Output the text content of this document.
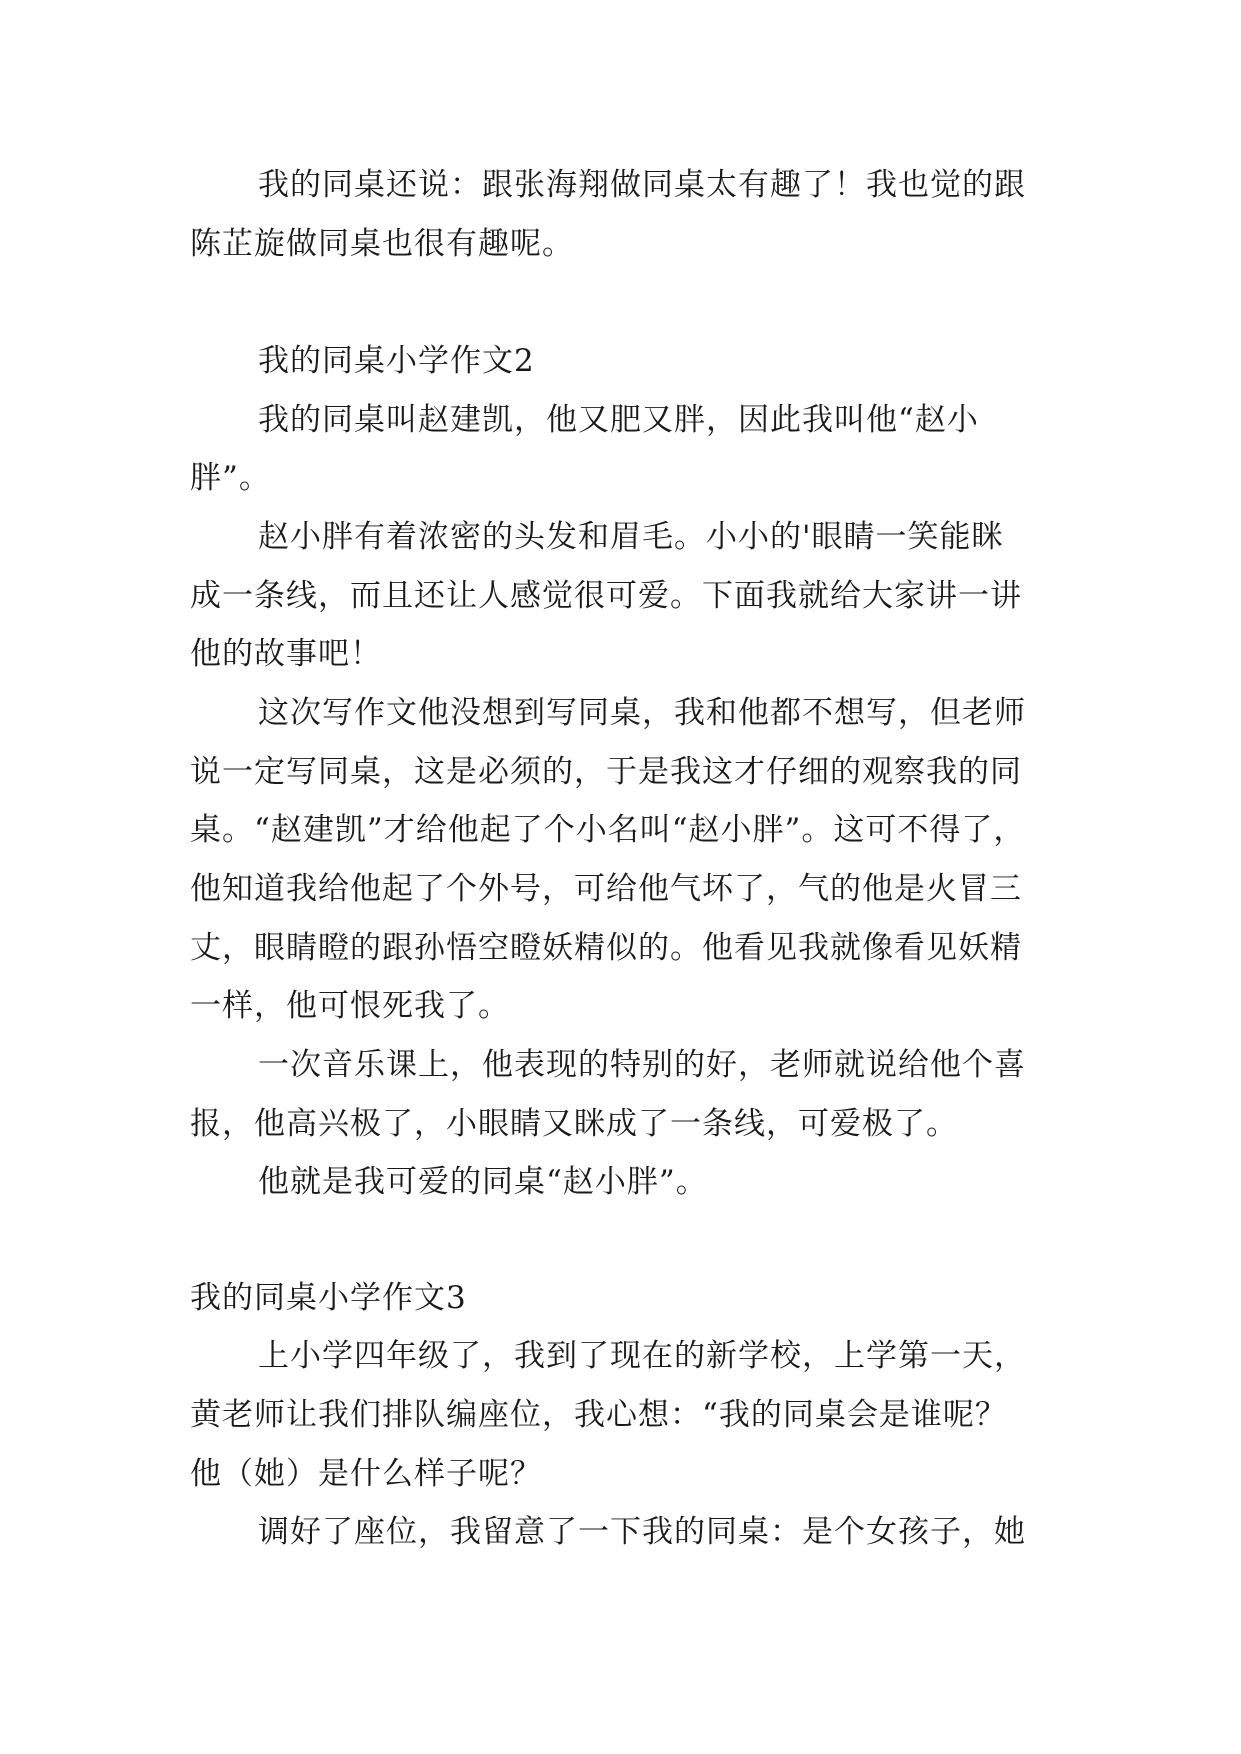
我的同桌还说：跟张海翔做同桌太有趣了！我也觉的跟

陈芷旋做同桌也很有趣呢。

我的同桌小学作文2

我的同桌叫赵建凯，他又肥又胖，因此我叫他“赵小

胖”。

赵小胖有着浓密的头发和眉毛。小小的'眼睛一笑能眯

成一条线，而且还让人感觉很可爱。下面我就给大家讲一讲

他的故事吧！

这次写作文他没想到写同桌，我和他都不想写，但老师

说一定写同桌，这是必须的，于是我这才仔细的观察我的同

桌。“赵建凯”才给他起了个小名叫“赵小胖”。这可不得了，

他知道我给他起了个外号，可给他气坏了，气的他是火冒三

丈，眼睛瞪的跟孙悟空瞪妖精似的。他看见我就像看见妖精

一样，他可恨死我了。

一次音乐课上，他表现的特别的好，老师就说给他个喜

报，他高兴极了，小眼睛又眯成了一条线，可爱极了。

他就是我可爱的同桌“赵小胖”。

我的同桌小学作文3

上小学四年级了，我到了现在的新学校，上学第一天，

黄老师让我们排队编座位，我心想：“我的同桌会是谁呢？

他（她）是什么样子呢？

调好了座位，我留意了一下我的同桌：是个女孩子，她
